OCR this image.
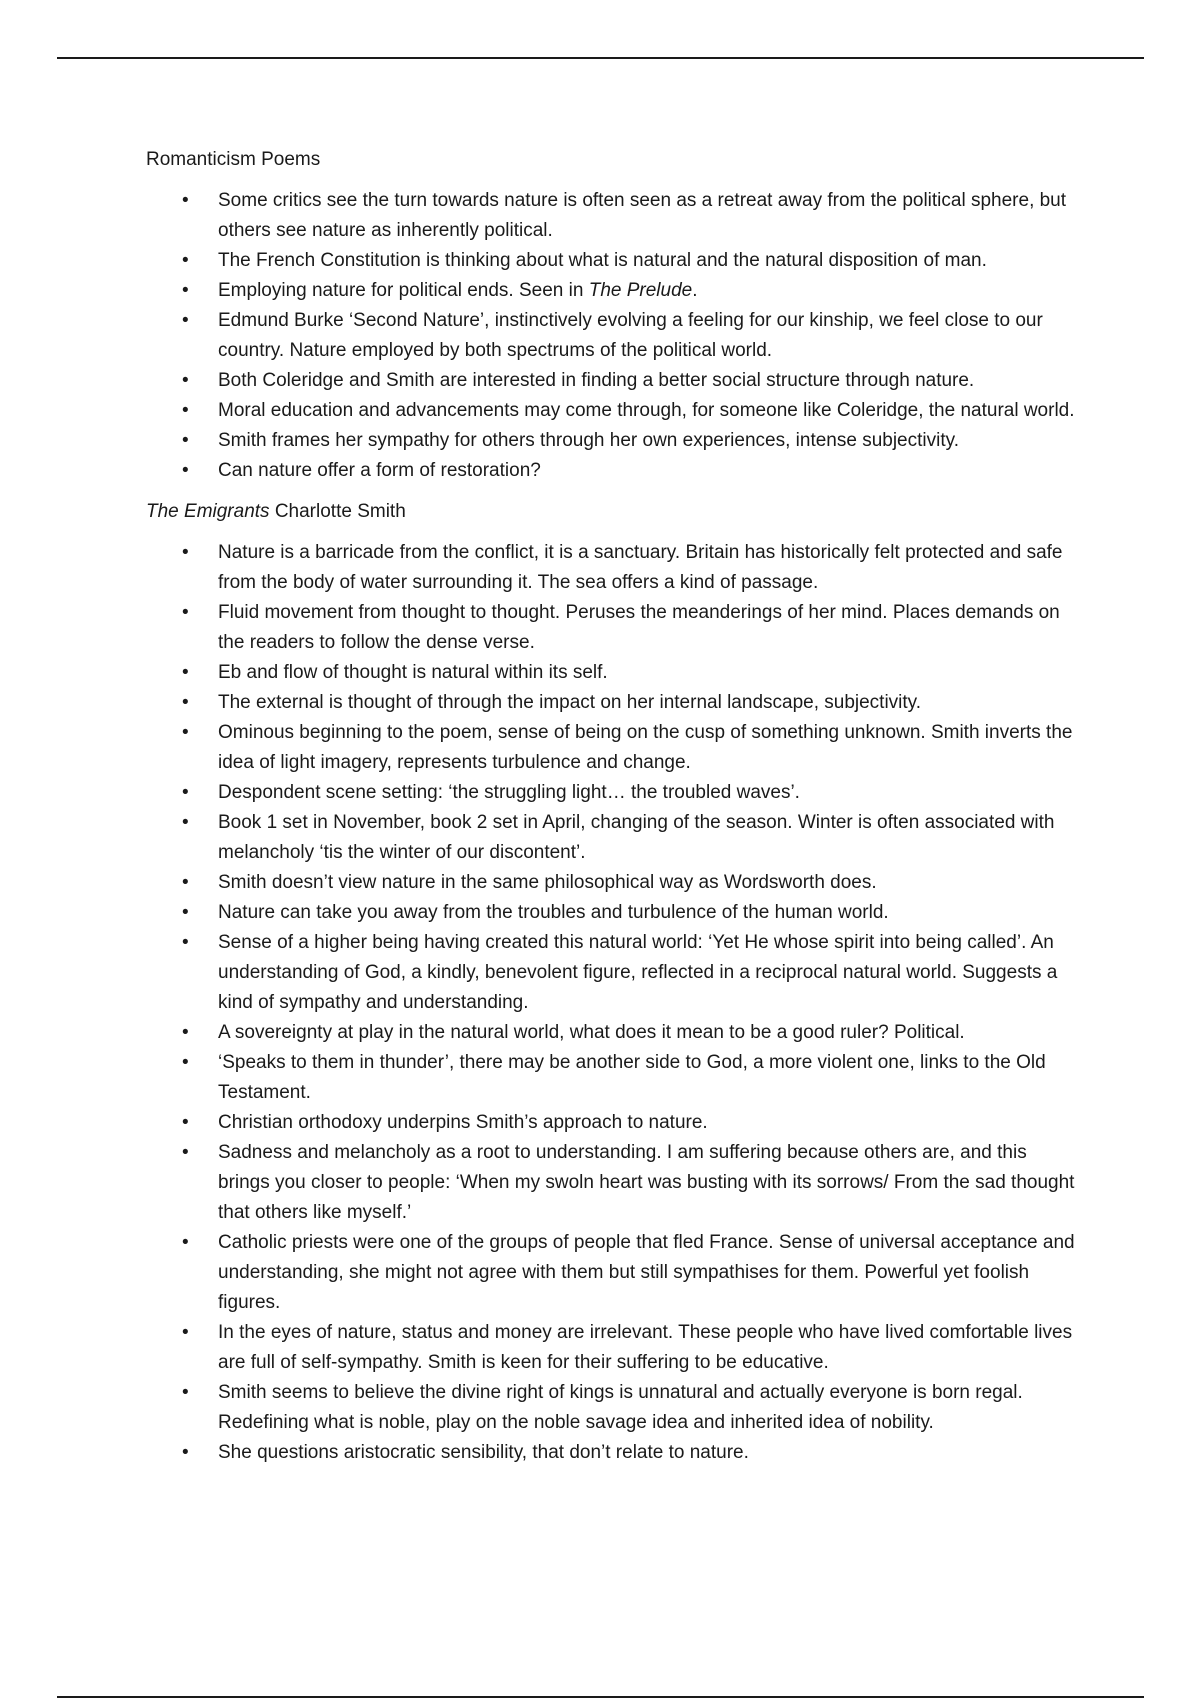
Romanticism Poems

• Some critics see the turn towards nature is often seen as a retreat away from the political sphere, but others see nature as inherently political.
• The French Constitution is thinking about what is natural and the natural disposition of man.
• Employing nature for political ends. Seen in The Prelude.
• Edmund Burke ‘Second Nature’, instinctively evolving a feeling for our kinship, we feel close to our country. Nature employed by both spectrums of the political world.
• Both Coleridge and Smith are interested in finding a better social structure through nature.
• Moral education and advancements may come through, for someone like Coleridge, the natural world.
• Smith frames her sympathy for others through her own experiences, intense subjectivity.
• Can nature offer a form of restoration?

The Emigrants Charlotte Smith

• Nature is a barricade from the conflict, it is a sanctuary. Britain has historically felt protected and safe from the body of water surrounding it. The sea offers a kind of passage.
• Fluid movement from thought to thought. Peruses the meanderings of her mind. Places demands on the readers to follow the dense verse.
• Eb and flow of thought is natural within its self.
• The external is thought of through the impact on her internal landscape, subjectivity.
• Ominous beginning to the poem, sense of being on the cusp of something unknown. Smith inverts the idea of light imagery, represents turbulence and change.
• Despondent scene setting: ‘the struggling light… the troubled waves’.
• Book 1 set in November, book 2 set in April, changing of the season. Winter is often associated with melancholy ‘tis the winter of our discontent’.
• Smith doesn’t view nature in the same philosophical way as Wordsworth does.
• Nature can take you away from the troubles and turbulence of the human world.
• Sense of a higher being having created this natural world: ‘Yet He whose spirit into being called’. An understanding of God, a kindly, benevolent figure, reflected in a reciprocal natural world. Suggests a kind of sympathy and understanding.
• A sovereignty at play in the natural world, what does it mean to be a good ruler? Political.
• ‘Speaks to them in thunder’, there may be another side to God, a more violent one, links to the Old Testament.
• Christian orthodoxy underpins Smith’s approach to nature.
• Sadness and melancholy as a root to understanding. I am suffering because others are, and this brings you closer to people: ‘When my swoln heart was busting with its sorrows/ From the sad thought that others like myself.’
• Catholic priests were one of the groups of people that fled France. Sense of universal acceptance and understanding, she might not agree with them but still sympathises for them. Powerful yet foolish figures.
• In the eyes of nature, status and money are irrelevant. These people who have lived comfortable lives are full of self-sympathy. Smith is keen for their suffering to be educative.
• Smith seems to believe the divine right of kings is unnatural and actually everyone is born regal. Redefining what is noble, play on the noble savage idea and inherited idea of nobility.
• She questions aristocratic sensibility, that don’t relate to nature.
